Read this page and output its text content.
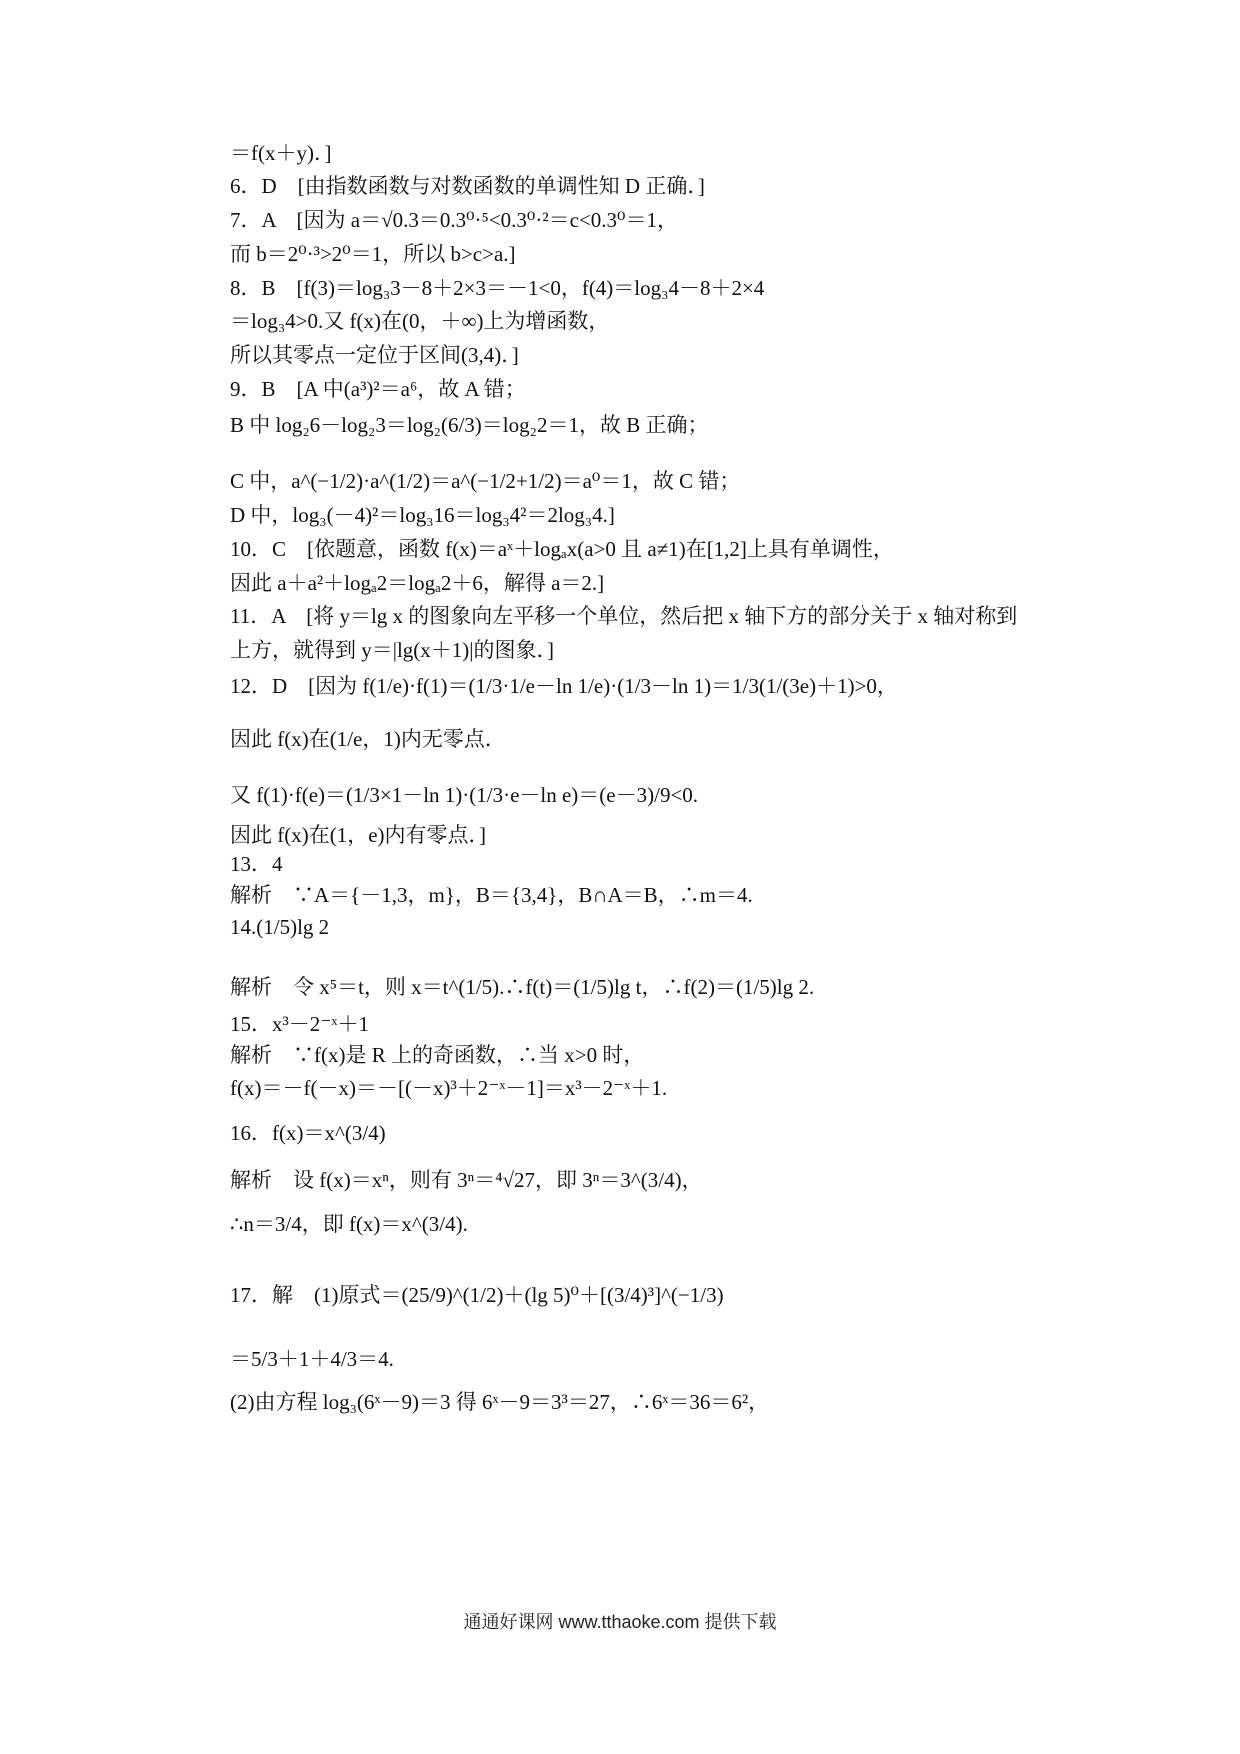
＝f(x＋y)．]
6．D　[由指数函数与对数函数的单调性知 D 正确．]
7．A　[因为 a＝√0.3＝0.3⁰·⁵<0.3⁰·²＝c<0.3⁰＝1，
而 b＝2⁰·³>2⁰＝1，所以 b>c>a.]
8．B　[f(3)＝log₃3－8＋2×3＝－1<0，f(4)＝log₃4－8＋2×4
＝log₃4>0.又 f(x)在(0，＋∞)上为增函数，
所以其零点一定位于区间(3,4)．]
9．B　[A 中(a³)²＝a⁶，故 A 错；
B 中 log₂6－log₂3＝log₂(6/3)＝log₂2＝1，故 B 正确；
C 中，a^(−1/2)·a^(1/2)＝a^(−1/2+1/2)＝a⁰＝1，故 C 错；
D 中，log₃(－4)²＝log₃16＝log₃4²＝2log₃4.]
10．C　[依题意，函数 f(x)＝aˣ＋logₐx(a>0 且 a≠1)在[1,2]上具有单调性，
因此 a＋a²＋logₐ2＝logₐ2＋6，解得 a＝2.]
11．A　[将 y＝lg x 的图象向左平移一个单位，然后把 x 轴下方的部分关于 x 轴对称到
上方，就得到 y＝|lg(x＋1)|的图象．]
12．D　[因为 f(1/e)·f(1)＝(1/3·1/e－ln 1/e)·(1/3－ln 1)＝1/3(1/(3e)＋1)>0，
因此 f(x)在(1/e，1)内无零点．
又 f(1)·f(e)＝(1/3×1－ln 1)·(1/3·e－ln e)＝(e－3)/9<0.
因此 f(x)在(1，e)内有零点．]
13．4
解析　∵A＝{－1,3，m}，B＝{3,4}，B∩A＝B，∴m＝4.
14.(1/5)lg 2
解析　令 x⁵＝t，则 x＝t^(1/5).∴f(t)＝(1/5)lg t，∴f(2)＝(1/5)lg 2.
15．x³－2⁻ˣ＋1
解析　∵f(x)是 R 上的奇函数，∴当 x>0 时，
f(x)＝－f(－x)＝－[(－x)³＋2⁻ˣ－1]＝x³－2⁻ˣ＋1.
16．f(x)＝x^(3/4)
解析　设 f(x)＝xⁿ，则有 3ⁿ＝⁴√27，即 3ⁿ＝3^(3/4)，
∴n＝3/4，即 f(x)＝x^(3/4).
17．解　(1)原式＝(25/9)^(1/2)＋(lg 5)⁰＋[(3/4)³]^(−1/3)
＝5/3＋1＋4/3＝4.
(2)由方程 log₃(6ˣ－9)＝3 得 6ˣ－9＝3³＝27，∴6ˣ＝36＝6²，
通通好课网 www.tthaoke.com 提供下载
